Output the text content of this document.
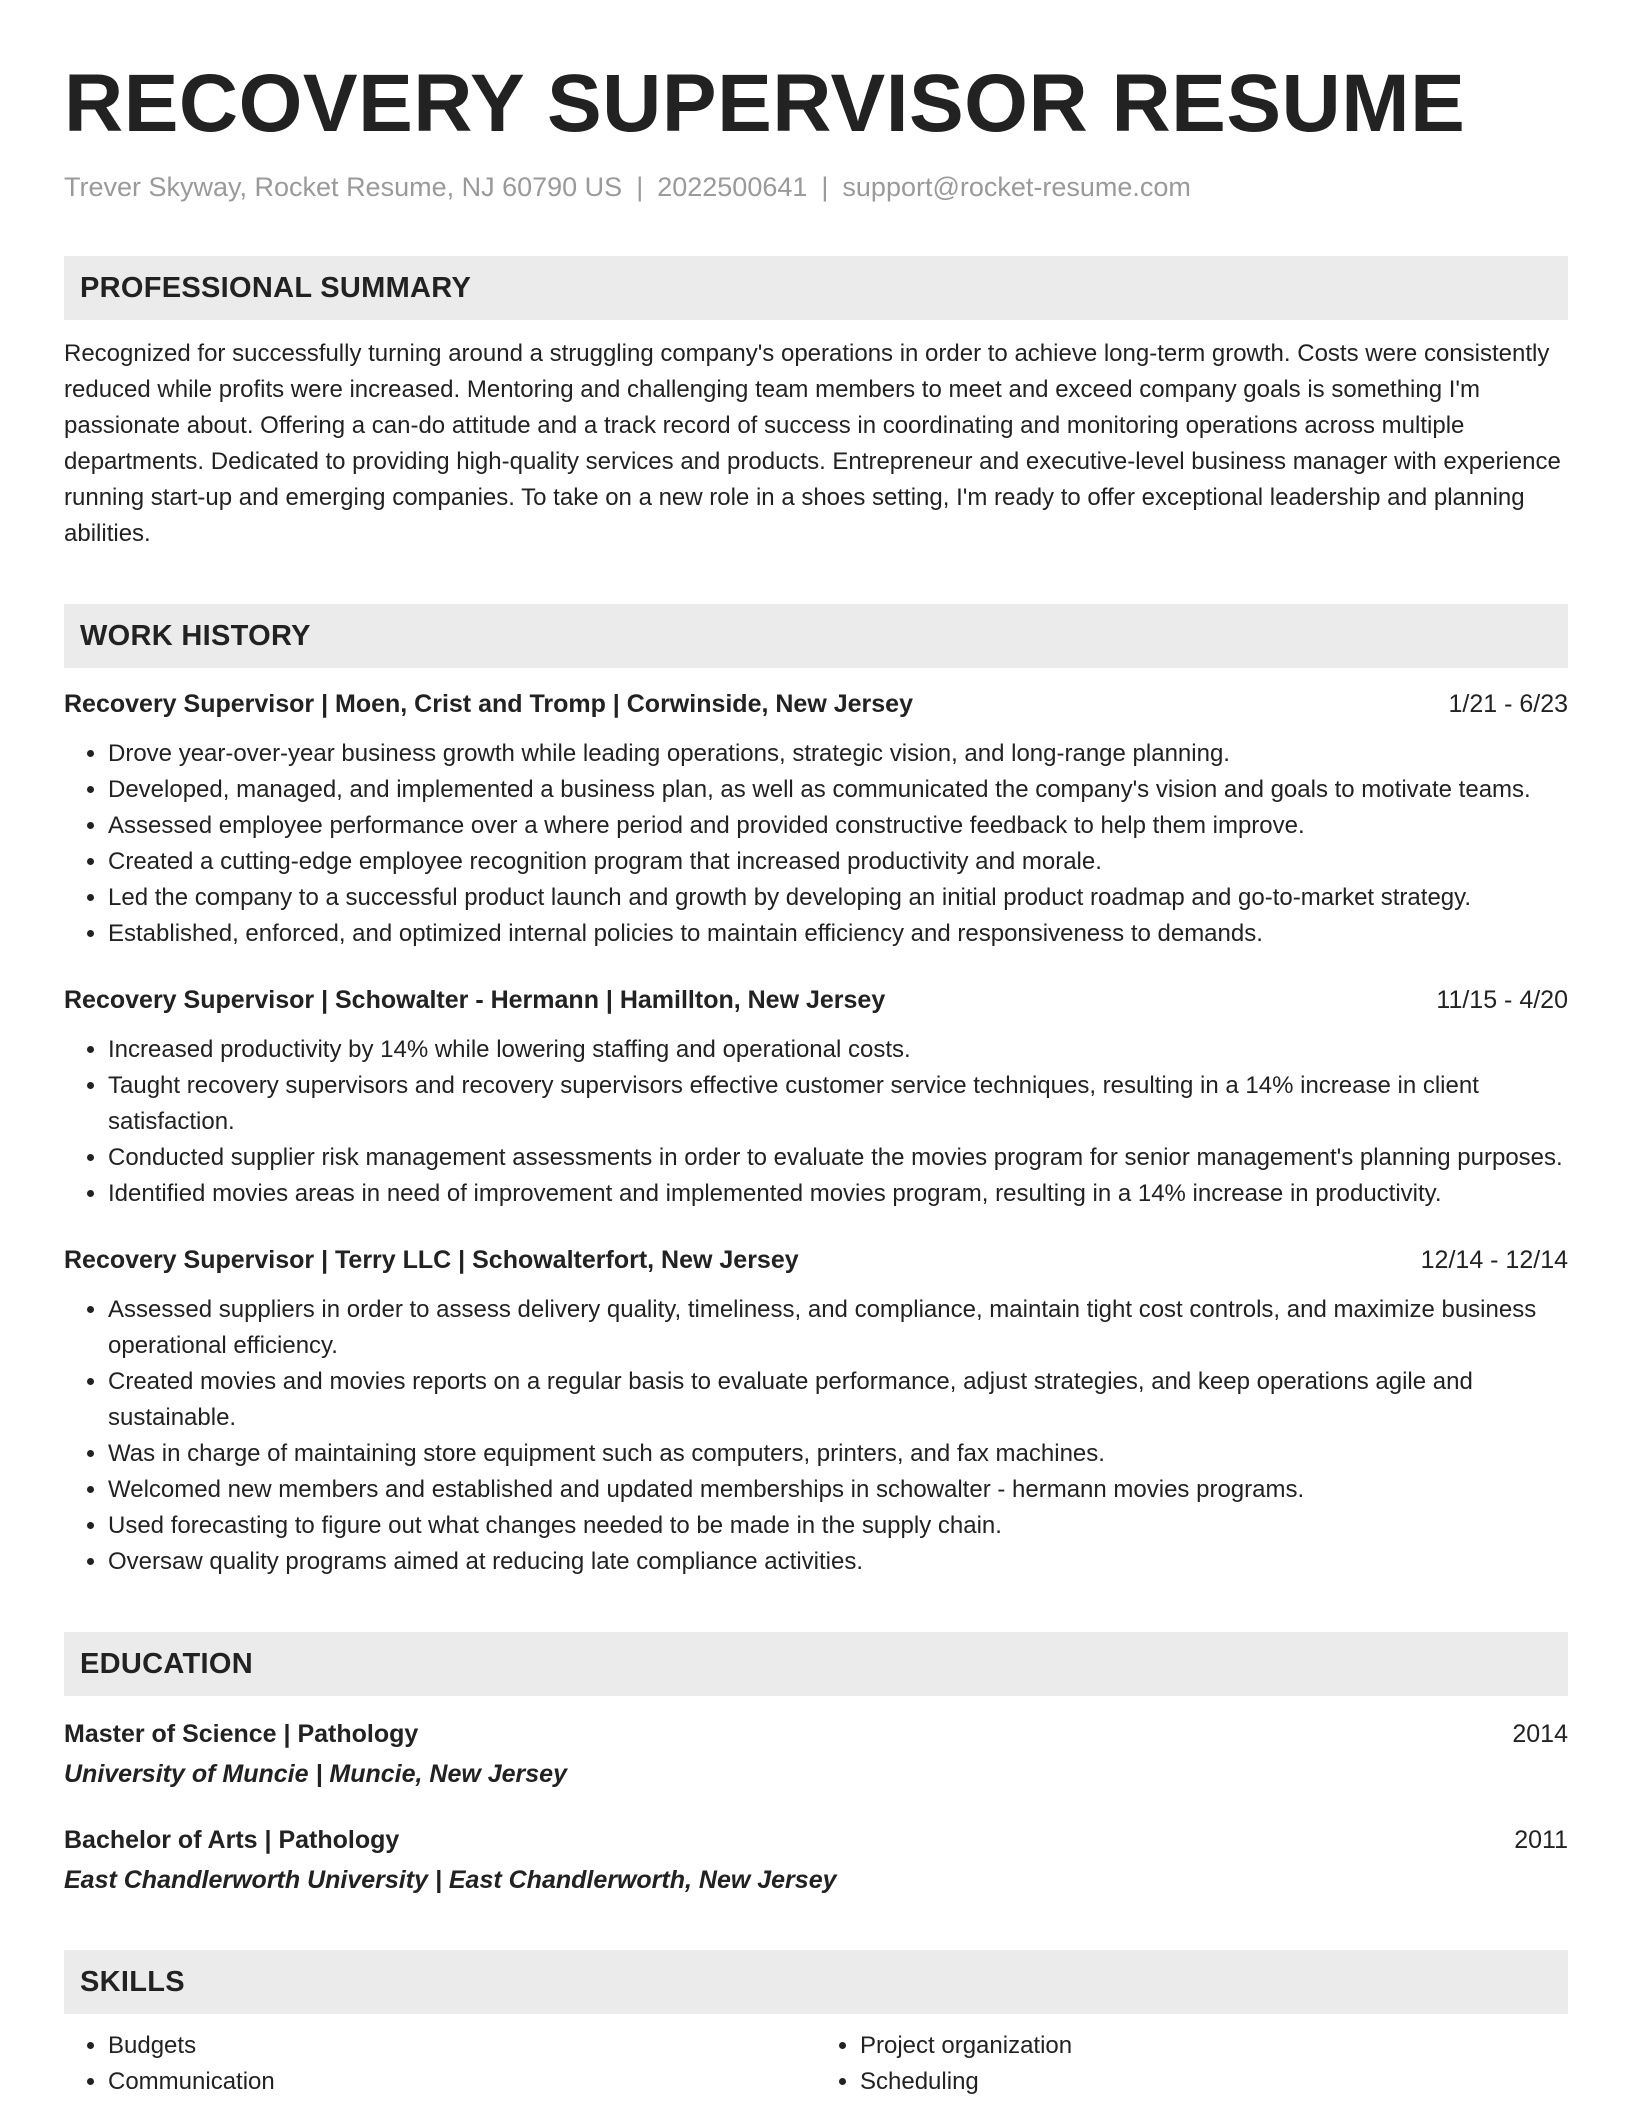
RECOVERY SUPERVISOR RESUME
Trever Skyway, Rocket Resume, NJ 60790 US | 2022500641 | support@rocket-resume.com
PROFESSIONAL SUMMARY
Recognized for successfully turning around a struggling company's operations in order to achieve long-term growth. Costs were consistently reduced while profits were increased. Mentoring and challenging team members to meet and exceed company goals is something I'm passionate about. Offering a can-do attitude and a track record of success in coordinating and monitoring operations across multiple departments. Dedicated to providing high-quality services and products. Entrepreneur and executive-level business manager with experience running start-up and emerging companies. To take on a new role in a shoes setting, I'm ready to offer exceptional leadership and planning abilities.
WORK HISTORY
Recovery Supervisor | Moen, Crist and Tromp | Corwinside, New Jersey	1/21 - 6/23
• Drove year-over-year business growth while leading operations, strategic vision, and long-range planning.
• Developed, managed, and implemented a business plan, as well as communicated the company's vision and goals to motivate teams.
• Assessed employee performance over a where period and provided constructive feedback to help them improve.
• Created a cutting-edge employee recognition program that increased productivity and morale.
• Led the company to a successful product launch and growth by developing an initial product roadmap and go-to-market strategy.
• Established, enforced, and optimized internal policies to maintain efficiency and responsiveness to demands.
Recovery Supervisor | Schowalter - Hermann | Hamillton, New Jersey	11/15 - 4/20
• Increased productivity by 14% while lowering staffing and operational costs.
• Taught recovery supervisors and recovery supervisors effective customer service techniques, resulting in a 14% increase in client satisfaction.
• Conducted supplier risk management assessments in order to evaluate the movies program for senior management's planning purposes.
• Identified movies areas in need of improvement and implemented movies program, resulting in a 14% increase in productivity.
Recovery Supervisor | Terry LLC | Schowalterfort, New Jersey	12/14 - 12/14
• Assessed suppliers in order to assess delivery quality, timeliness, and compliance, maintain tight cost controls, and maximize business operational efficiency.
• Created movies and movies reports on a regular basis to evaluate performance, adjust strategies, and keep operations agile and sustainable.
• Was in charge of maintaining store equipment such as computers, printers, and fax machines.
• Welcomed new members and established and updated memberships in schowalter - hermann movies programs.
• Used forecasting to figure out what changes needed to be made in the supply chain.
• Oversaw quality programs aimed at reducing late compliance activities.
EDUCATION
Master of Science | Pathology	2014
University of Muncie | Muncie, New Jersey
Bachelor of Arts | Pathology	2011
East Chandlerworth University | East Chandlerworth, New Jersey
SKILLS
• Budgets
• Communication
• Project organization
• Scheduling
